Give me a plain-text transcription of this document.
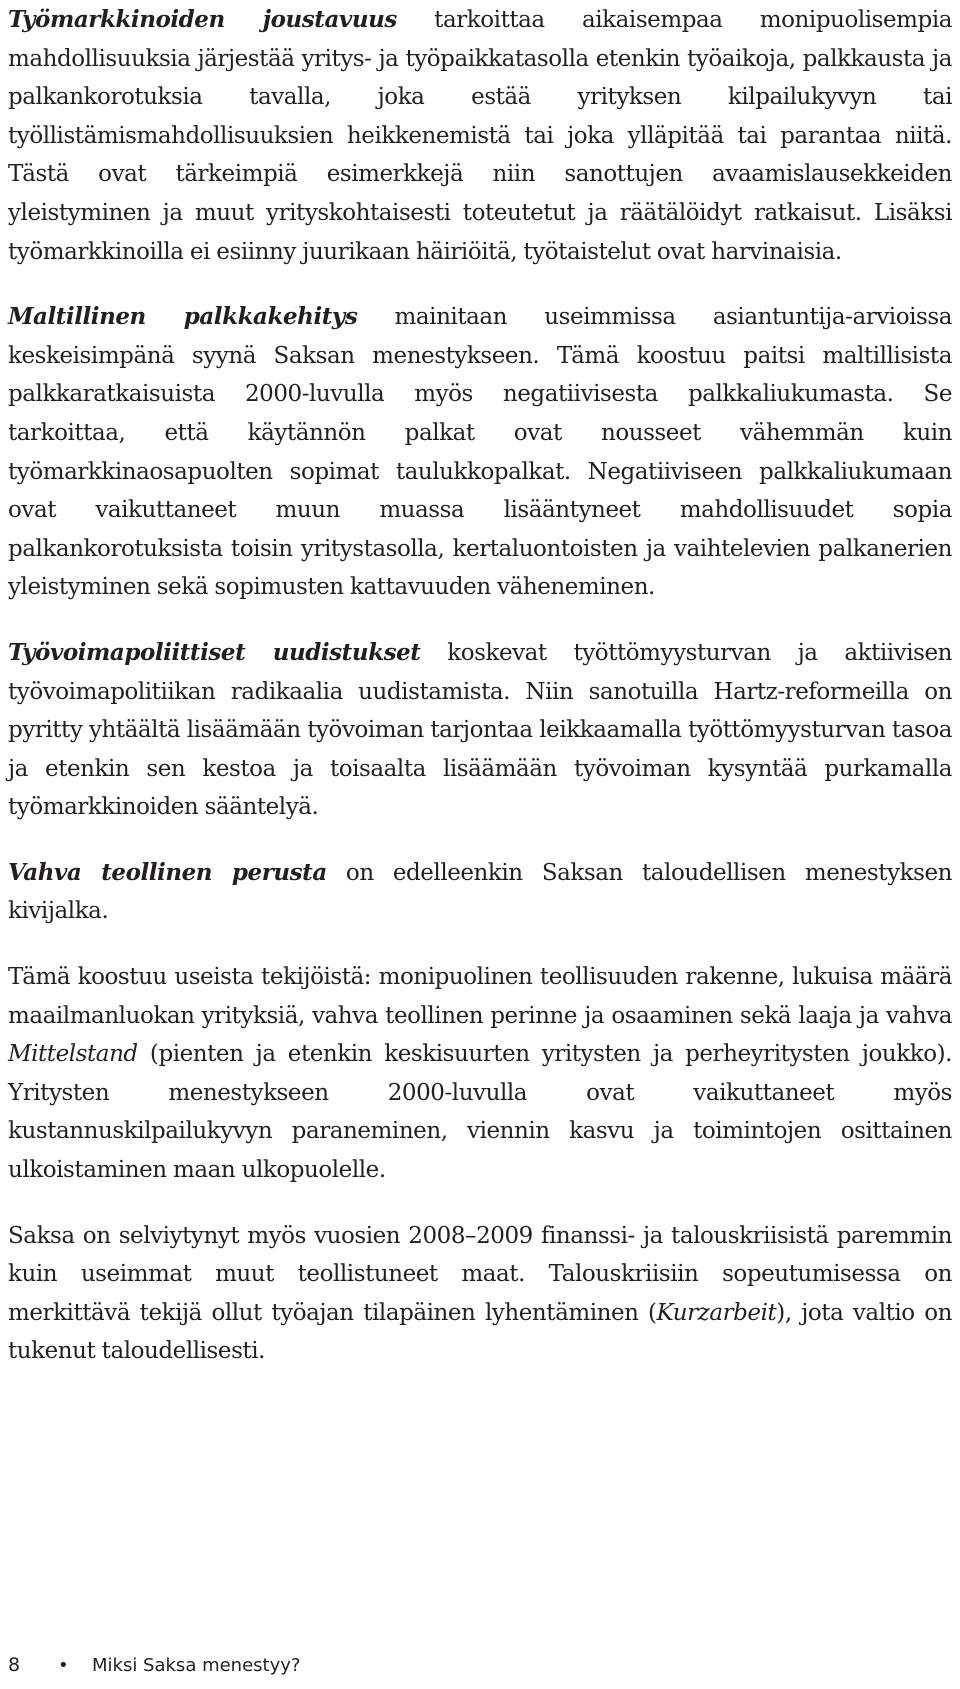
Työmarkkinoiden joustavuus tarkoittaa aikaisempaa monipuolisempia mahdollisuuksia järjestää yritys- ja työpaikkatasolla etenkin työaikoja, palkkausta ja palkankorotuksia tavalla, joka estää yrityksen kilpailukyvyn tai työllistämismahdollisuuksien heikkenemistä tai joka ylläpitää tai parantaa niitä. Tästä ovat tärkeimpiä esimerkkejä niin sanottujen avaamislausekkeiden yleistyminen ja muut yrityskohtaisesti toteutetut ja räätälöidyt ratkaisut. Lisäksi työmarkkinoilla ei esiinny juurikaan häiriöitä, työtaistelut ovat harvinaisia.

Maltillinen palkkakehitys mainitaan useimmissa asiantuntija-arvioissa keskeisimpänä syynä Saksan menestykseen. Tämä koostuu paitsi maltillisista palkkaratkaisuista 2000-luvulla myös negatiivisesta palkkaliukumasta. Se tarkoittaa, että käytännön palkat ovat nousseet vähemmän kuin työmarkkinaosapuolten sopimat taulukkopalkat. Negatiiviseen palkkaliukumaan ovat vaikuttaneet muun muassa lisääntyneet mahdollisuudet sopia palkankorotuksista toisin yritystasolla, kertaluontoisten ja vaihtelevien palkanerien yleistyminen sekä sopimusten kattavuuden väheneminen.

Työvoimapoliittiset uudistukset koskevat työttömyysturvan ja aktiivisen työvoimapolitiikan radikaalia uudistamista. Niin sanotuilla Hartz-reformeilla on pyritty yhtäältä lisäämään työvoiman tarjontaa leikkaamalla työttömyysturvan tasoa ja etenkin sen kestoa ja toisaalta lisäämään työvoiman kysyntää purkamalla työmarkkinoiden sääntelyä.

Vahva teollinen perusta on edelleenkin Saksan taloudellisen menestyksen kivijalka.

Tämä koostuu useista tekijöistä: monipuolinen teollisuuden rakenne, lukuisa määrä maailmanluokan yrityksiä, vahva teollinen perinne ja osaaminen sekä laaja ja vahva Mittelstand (pienten ja etenkin keskisuurten yritysten ja perheyritysten joukko). Yritysten menestykseen 2000-luvulla ovat vaikuttaneet myös kustannuskilpailukyvyn paraneminen, viennin kasvu ja toimintojen osittainen ulkoistaminen maan ulkopuolelle.

Saksa on selviytynyt myös vuosien 2008–2009 finanssi- ja talouskriisistä paremmin kuin useimmat muut teollistuneet maat. Talouskriisiin sopeutumisessa on merkittävä tekijä ollut työajan tilapäinen lyhentäminen (Kurzarbeit), jota valtio on tukenut taloudellisesti.

8	•	Miksi Saksa menestyy?
